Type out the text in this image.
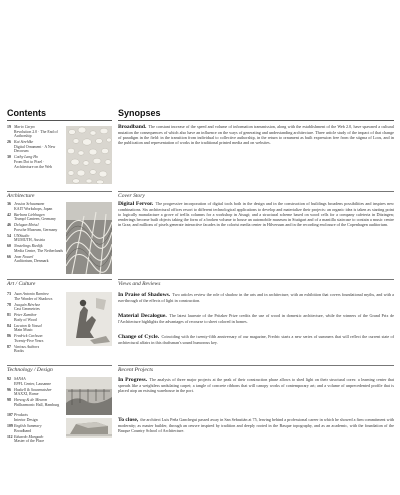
Contents	Synopses
19 Mario Carpo
Revolution 2.0 · The End of Authorship
26 Kai Strehlke
Digital Ornament · A New Decorum
30 Cathy Lang Ho
From Dot to Pixel · Architecture on the Web
Broadband. The constant increase of the speed and volume of information transmission, along with the establishment of the Web 2.0, have spawned a cultural mutation the consequences of which also have an influence on the ways of generating and understanding architecture. Three article study of the impact of that change of paradigm in the field: in the transition from individual to collective authorship, in the return to ornament as built expression free from the stigma of Loos, and in the publication and representation of works in the traditional printed media and on websites.
Architecture	Cover Story
36 Jessica Schaumann
KAIT Workshops, Japan
42 Barbara Liebhagen
Trumpf Canteen, Germany
46 Delugan Meissl
Porsche Museum, Germany
54 UNStudio
MUMUTH, Austria
60 Neutelings Riedijk
Media Centre, The Netherlands
66 Jean Nouvel
Auditorium, Denmark
Digital Fervor. The progressive incorporation of digital tools both in the design and in the construction of buildings broadens possibilities and inspires new combinations. Six architectural offices resort to different technological applications to develop and materialize their projects: an organic idea is taken as starting point to logically manufacture a grove of trellis columns for a workshop in Atsugi; and a structural scheme based on wood cells for a company cafeteria in Ditzingen; renderings become built objects taking the form of a broken volume to house an automobile museum in Stuttgart and of a mantilla staircase to contain a music centre in Graz; and millions of pixels generate interactive facades in the colorist media center in Hilversum and in the recording enclosure of the Copenhagen auditorium.
Art / Culture	Views and Reviews
73 Juan Antonio Ramírez
The Wonder of Shadows
78 Joaquín Bérchez
Cast Geometries
81 Peter Zumthor
Body of Wood
84 Lacaton & Vassal
Main Music
86 Fredrick Carlsson
Twenty-Five Years
87 Various Authors
Books
In Praise of Shadows. Two articles review the role of shadow in the arts and in architecture, with an exhibition that covers foundational myths, and with a run-through of the effects of light in construction.
Material Decalogue. The latest laureate of the Pritzker Prize credits the use of wood in domestic architecture, while the winners of the Grand Prix de l'Architecture highlights the advantages of recourse to sheet colored in homes.
Change of Cycle. Coinciding with the twenty-fifth anniversary of our magazine, Fredric starts a new series of summers that will reflect the current state of architectural affairs in this draftsman's sound humorous key.
Technology / Design	Recent Projects
92 SANAA
EPFL Center, Lausanne
96 Haskell & Sawamatsher
MAXXI, Rome
98 Herzog & de Meuron
Philharmonic Hall, Hamburg
107 Products
Interior Design
109 English Summary
Broadband
112 Eduardo Mangado
Master of the Place
In Progress. The analysis of three major projects at the peak of their construction phase allows to shed light on their structural cores: a learning center that spreads like a weightless undulating carpet; a tangle of concrete ribbons that will canopy works of contemporary art; and a volume of unprecedented profile that is placed atop an existing warehouse in the port.
To close, the architect Luis Peña Ganchegui passed away in San Sebastián at 75, leaving behind a professional career in which he showed a firm commitment with modernity; as master builder, through an oeuvre inspired by tradition and deeply rooted in the Basque topography, and as an academic, with the foundation of the Basque Country School of Architecture.
